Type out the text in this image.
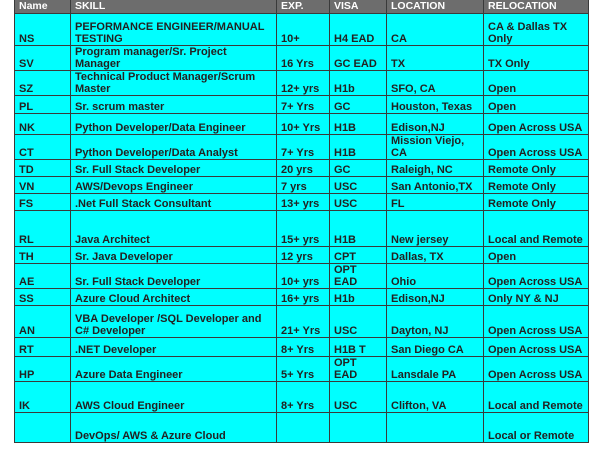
Name	SKILL	EXP.	VISA	LOCATION	RELOCATION

NS	PEFORMANCE ENGINEER/MANUAL TESTING	10+	H4 EAD	CA	CA & Dallas TX Only

SV	Program manager/Sr. Project Manager	16 Yrs	GC EAD	TX	TX Only

SZ	Technical Product Manager/Scrum Master	12+ yrs	H1b	SFO, CA	Open

PL	Sr. scrum master	7+ Yrs	GC	Houston, Texas	Open

NK	Python Developer/Data Engineer	10+ Yrs	H1B	Edison,NJ	Open Across USA

CT	Python Developer/Data Analyst	7+ Yrs	H1B	Mission Viejo, CA	Open Across USA

TD	Sr. Full Stack Developer	20 yrs	GC	Raleigh, NC	Remote Only

VN	AWS/Devops Engineer	7 yrs	USC	San Antonio,TX	Remote Only

FS	.Net Full Stack Consultant	13+ yrs	USC	FL	Remote Only

RL	Java Architect	15+ yrs	H1B	New jersey	Local and Remote

TH	Sr. Java Developer	12 yrs	CPT	Dallas, TX	Open

AE	Sr. Full Stack Developer	10+ yrs	OPT EAD	Ohio	Open Across USA

SS	Azure Cloud Architect	16+ yrs	H1b	Edison,NJ	Only NY & NJ

AN	VBA Developer /SQL Developer and C# Developer	21+ Yrs	USC	Dayton, NJ	Open Across USA

RT	.NET Developer	8+ Yrs	H1B T	San Diego CA	Open Across USA

HP	Azure Data Engineer	5+ Yrs	OPT EAD	Lansdale PA	Open Across USA

IK	AWS Cloud Engineer	8+ Yrs	USC	Clifton, VA	Local and Remote

	DevOps/ AWS & Azure Cloud				Local or Remote
